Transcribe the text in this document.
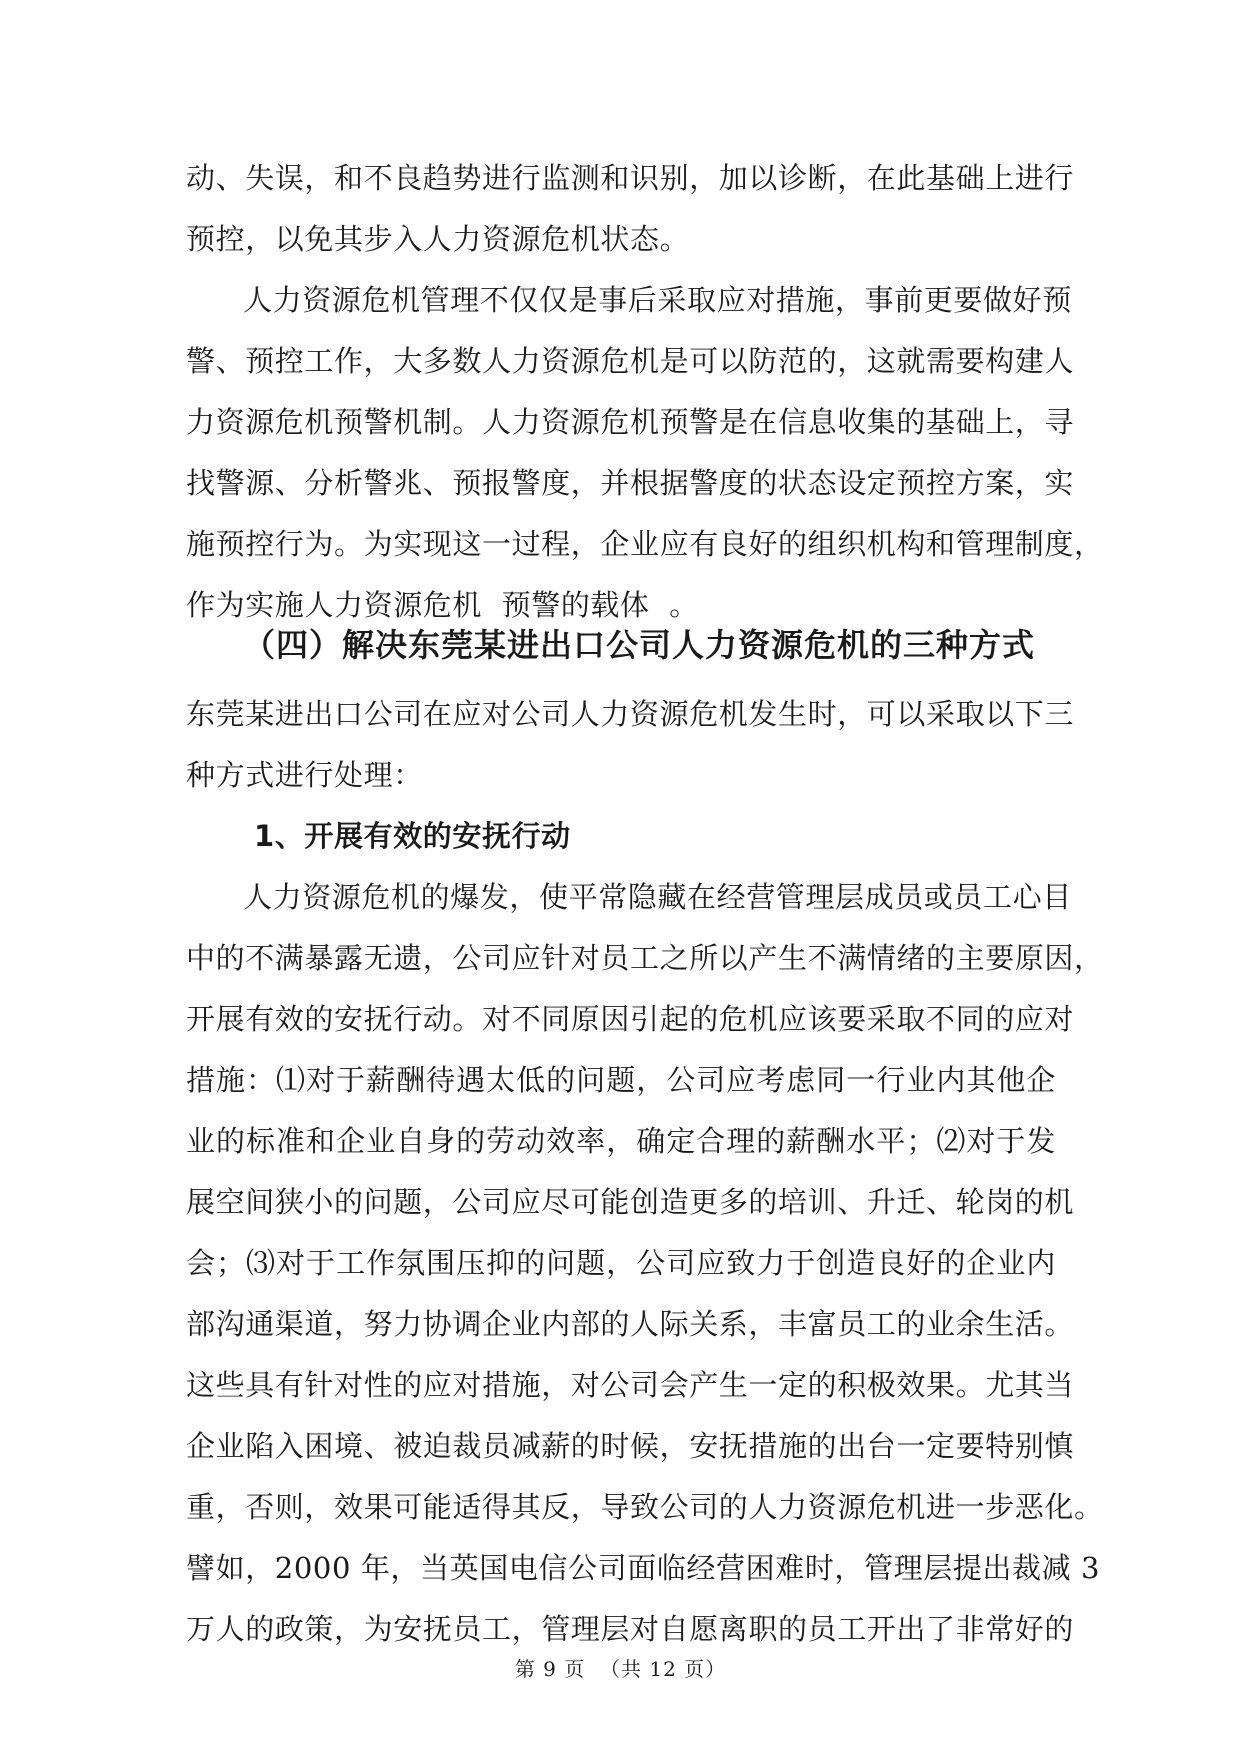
动、失误，和不良趋势进行监测和识别，加以诊断，在此基础上进行
预控，以免其步入人力资源危机状态。
人力资源危机管理不仅仅是事后采取应对措施，事前更要做好预
警、预控工作，大多数人力资源危机是可以防范的，这就需要构建人
力资源危机预警机制。人力资源危机预警是在信息收集的基础上，寻
找警源、分析警兆、预报警度，并根据警度的状态设定预控方案，实
施预控行为。为实现这一过程，企业应有良好的组织机构和管理制度，
作为实施人力资源危机  预警的载体  。
（四）解决东莞某进出口公司人力资源危机的三种方式
东莞某进出口公司在应对公司人力资源危机发生时，可以采取以下三
种方式进行处理：
1、开展有效的安抚行动
人力资源危机的爆发，使平常隐藏在经营管理层成员或员工心目
中的不满暴露无遗，公司应针对员工之所以产生不满情绪的主要原因，
开展有效的安抚行动。对不同原因引起的危机应该要采取不同的应对
措施：⑴对于薪酬待遇太低的问题，公司应考虑同一行业内其他企
业的标准和企业自身的劳动效率，确定合理的薪酬水平；⑵对于发
展空间狭小的问题，公司应尽可能创造更多的培训、升迁、轮岗的机
会；⑶对于工作氛围压抑的问题，公司应致力于创造良好的企业内
部沟通渠道，努力协调企业内部的人际关系，丰富员工的业余生活。
这些具有针对性的应对措施，对公司会产生一定的积极效果。尤其当
企业陷入困境、被迫裁员减薪的时候，安抚措施的出台一定要特别慎
重，否则，效果可能适得其反，导致公司的人力资源危机进一步恶化。
譬如，2000 年，当英国电信公司面临经营困难时，管理层提出裁减 3
万人的政策，为安抚员工，管理层对自愿离职的员工开出了非常好的
第 9 页  （共 12 页）
